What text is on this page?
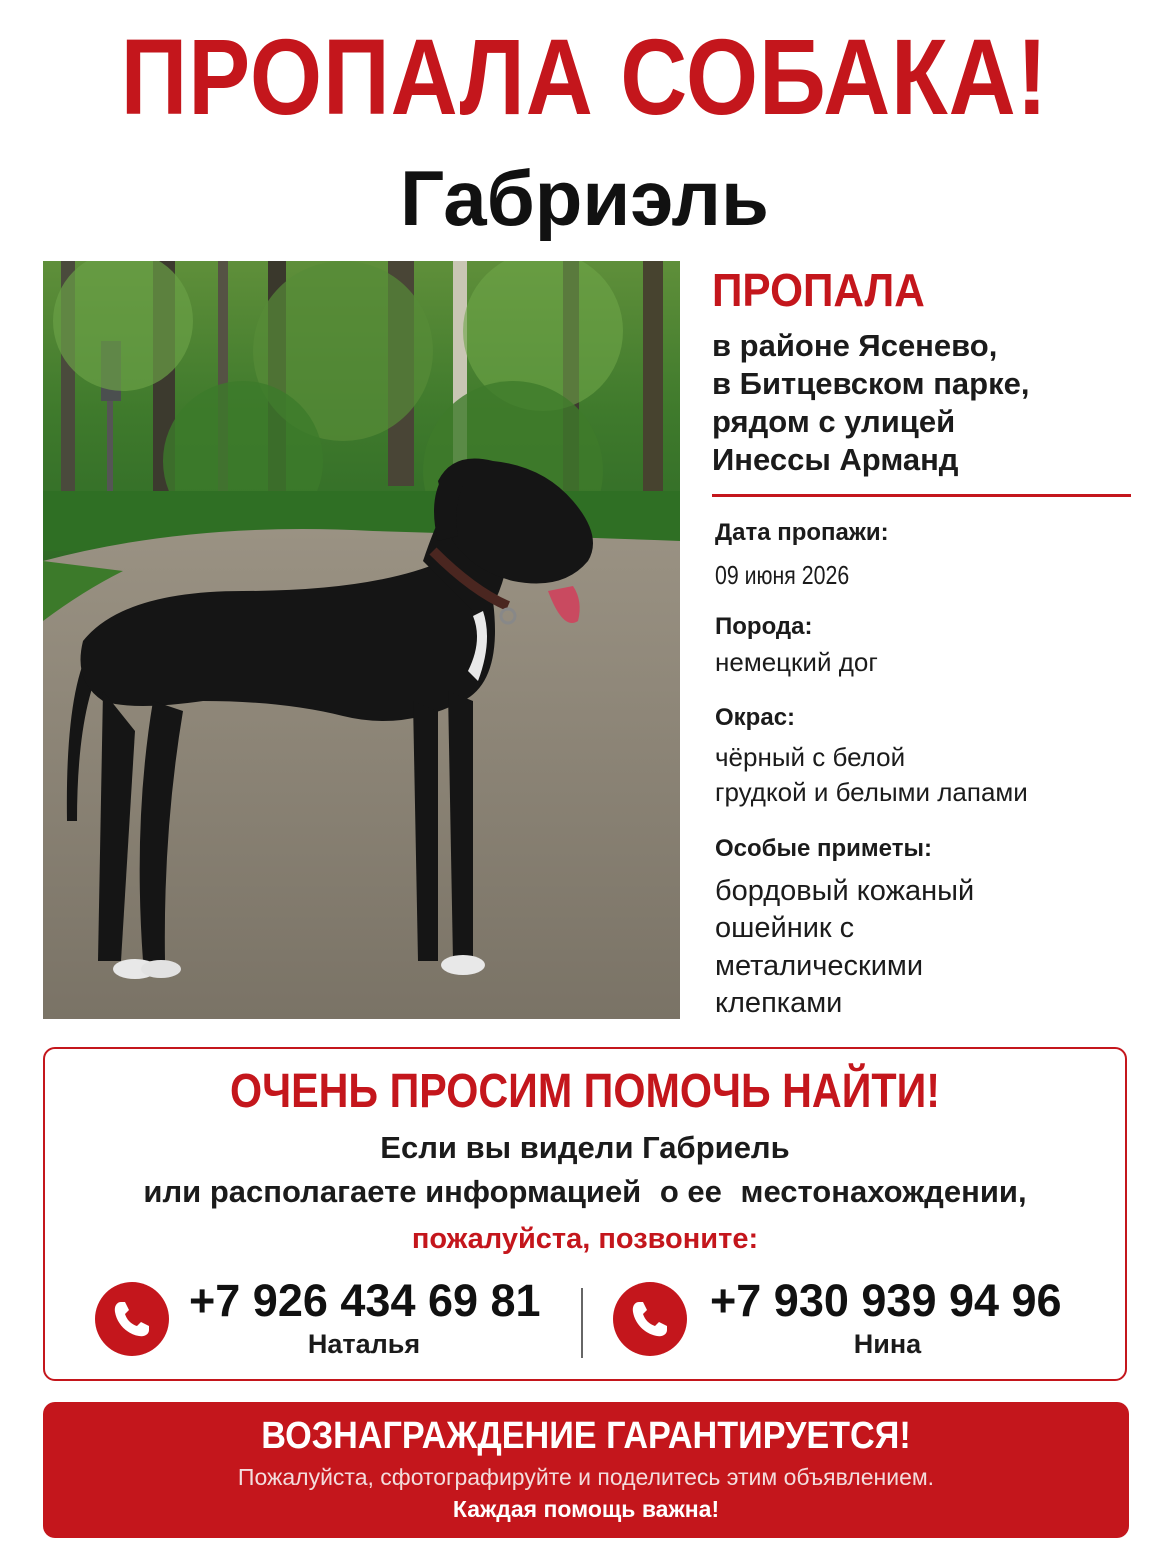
ПРОПАЛА СОБАКА!
Габриэль
ПРОПАЛА
в районе Ясенево,
в Битцевском парке,
рядом с улицей
Инессы Арманд
Дата пропажи:
09 июня 2026
Порода:
немецкий дог
Окрас:
чёрный с белой
грудкой и белыми лапами
Особые приметы:
бордовый кожаный
ошейник с
металическими
клепками
ОЧЕНЬ ПРОСИМ ПОМОЧЬ НАЙТИ!
Если вы видели Габриель
или располагаете информацией о ее местонахождении,
пожалуйста, позвоните:
+7 926 434 69 81
Наталья
+7 930 939 94 96
Нина
ВОЗНАГРАЖДЕНИЕ ГАРАНТИРУЕТСЯ!
Пожалуйста, сфотографируйте и поделитесь этим объявлением.
Каждая помощь важна!
